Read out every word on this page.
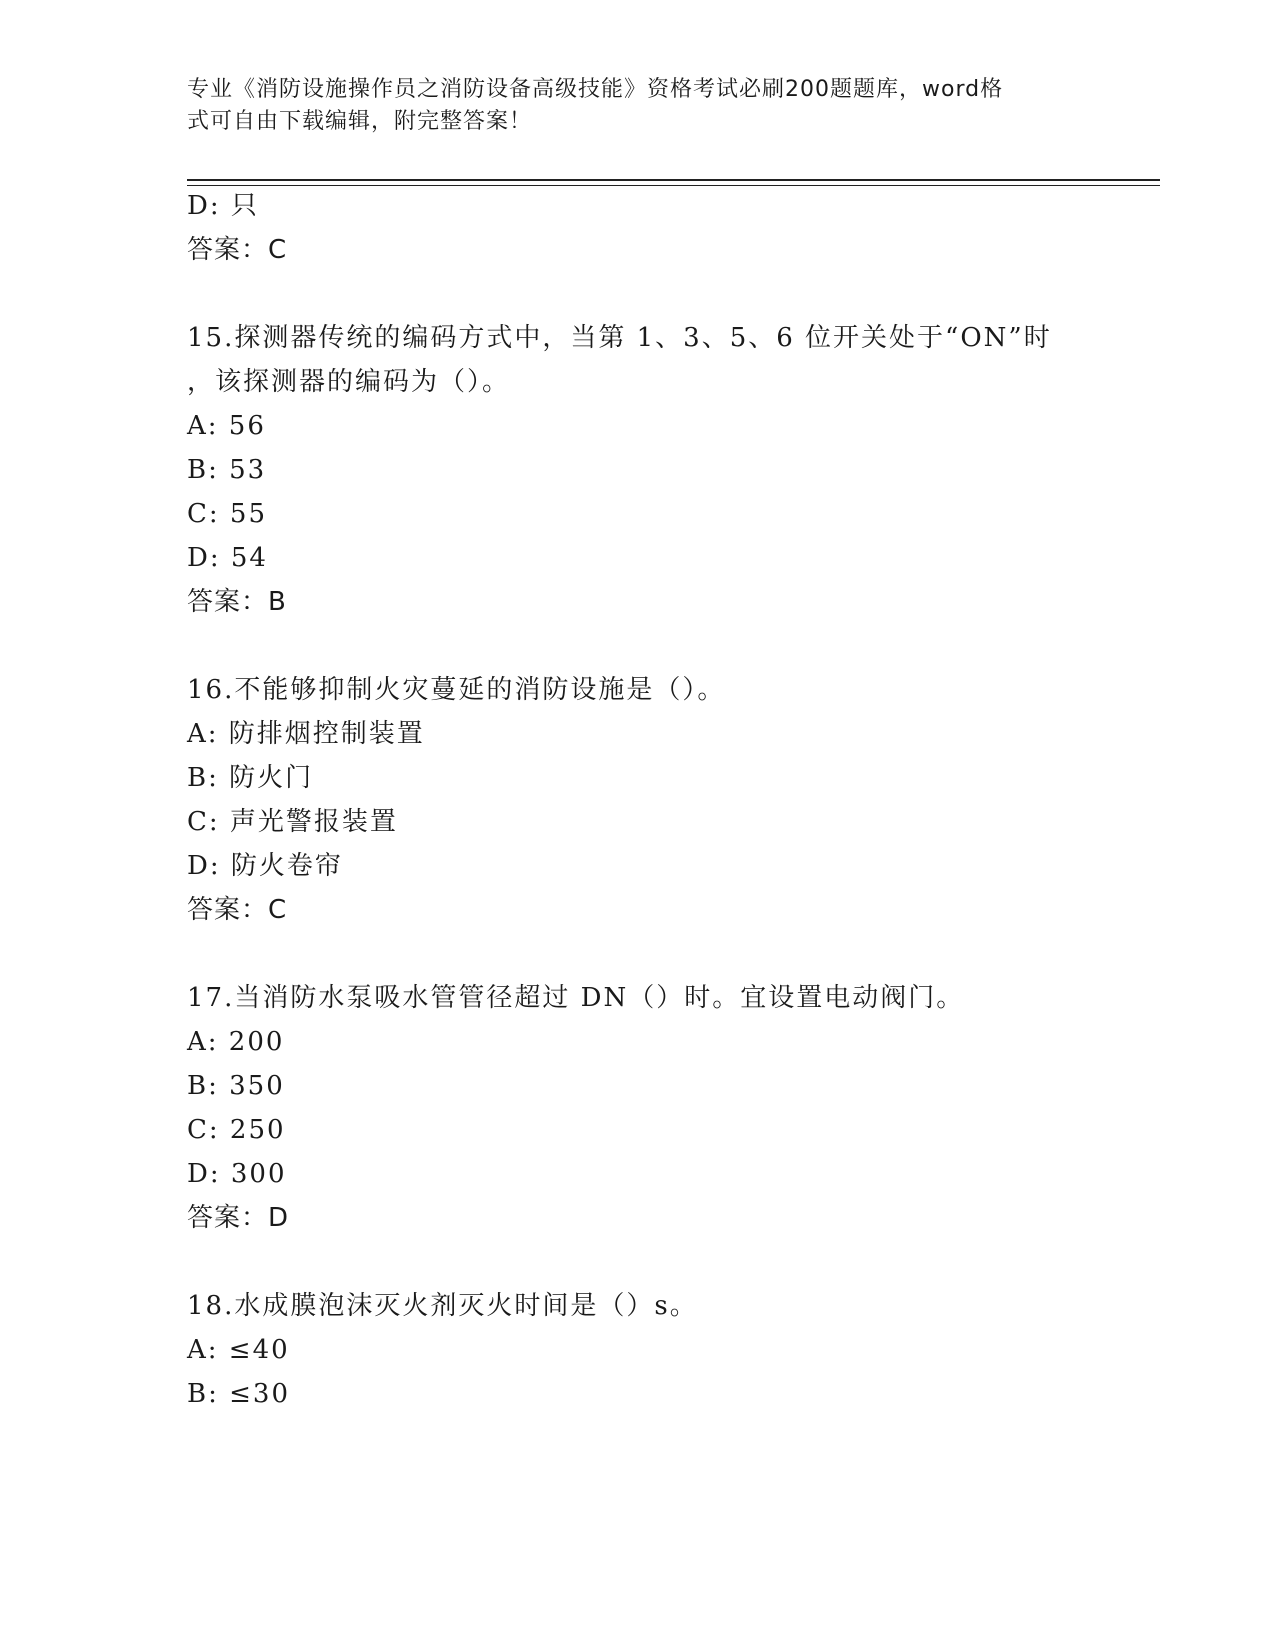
专业《消防设施操作员之消防设备高级技能》资格考试必刷200题题库，word格
式可自由下载编辑，附完整答案！
D: 只
答案：C
15.探测器传统的编码方式中，当第 1、3、5、6 位开关处于“ON”时
，该探测器的编码为（）。
A: 56
B: 53
C: 55
D: 54
答案：B
16.不能够抑制火灾蔓延的消防设施是（）。
A: 防排烟控制装置
B: 防火门
C: 声光警报装置
D: 防火卷帘
答案：C
17.当消防水泵吸水管管径超过 DN（）时。宜设置电动阀门。
A: 200
B: 350
C: 250
D: 300
答案：D
18.水成膜泡沫灭火剂灭火时间是（）s。
A: ≤40
B: ≤30
